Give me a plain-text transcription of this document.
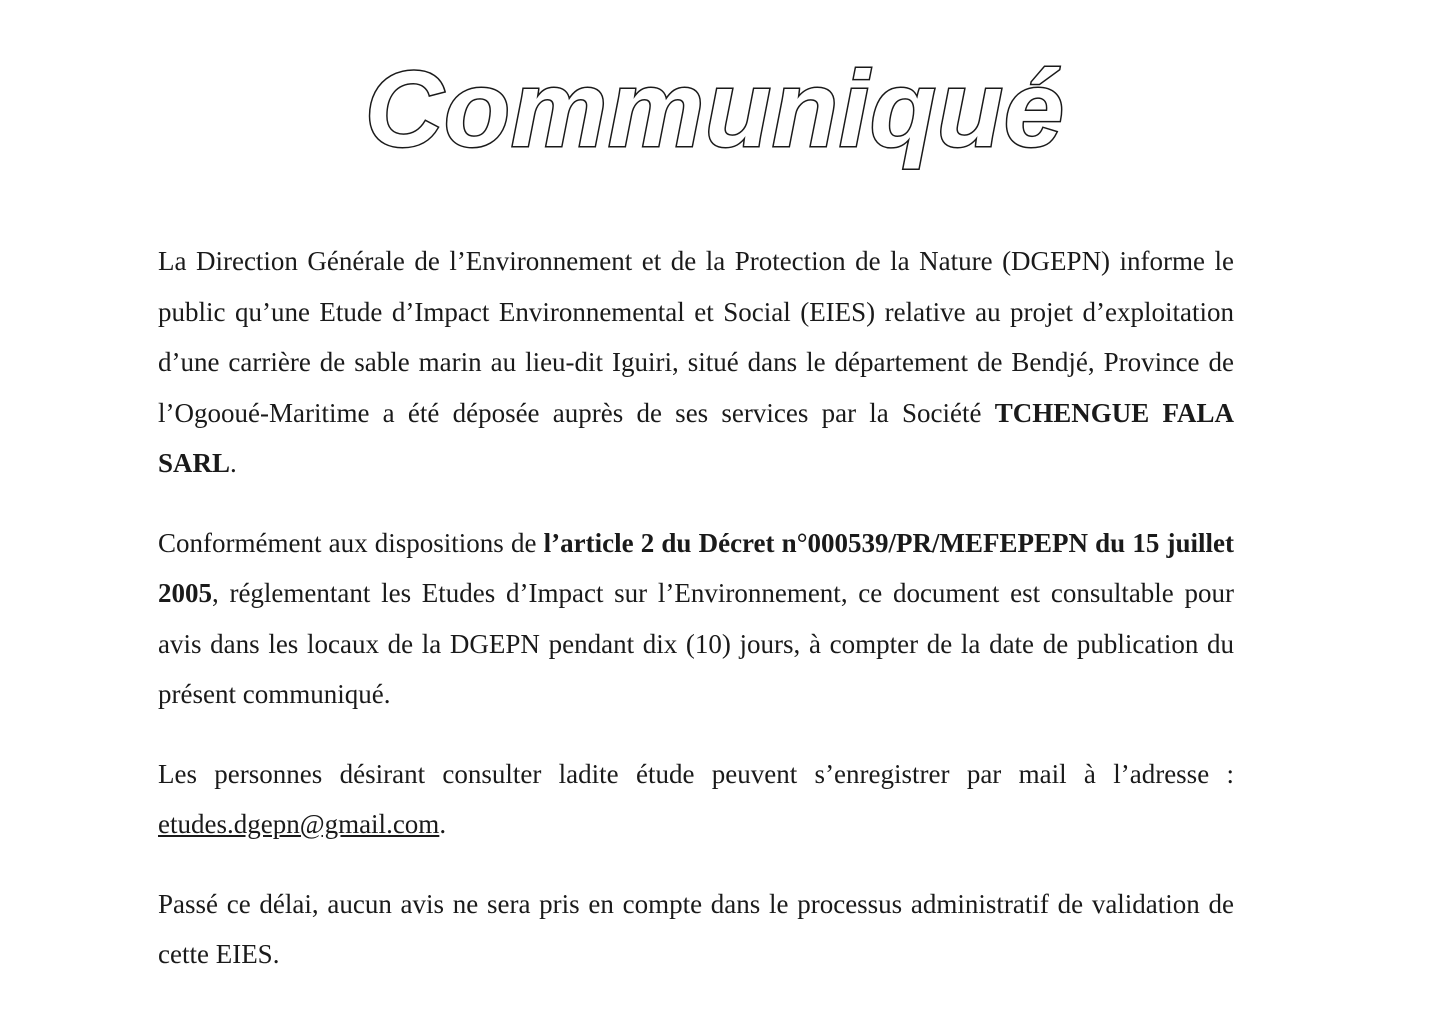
Communiqué

La Direction Générale de l’Environnement et de la Protection de la Nature (DGEPN) informe le public qu’une Etude d’Impact Environnemental et Social (EIES) relative au projet d’exploitation d’une carrière de sable marin au lieu-dit Iguiri, situé dans le département de Bendjé, Province de l’Ogooué-Maritime a été déposée auprès de ses services par la Société TCHENGUE FALA SARL.

Conformément aux dispositions de l’article 2 du Décret n°000539/PR/MEFEPEPN du 15 juillet 2005, réglementant les Etudes d’Impact sur l’Environnement, ce document est consultable pour avis dans les locaux de la DGEPN pendant dix (10) jours, à compter de la date de publication du présent communiqué.

Les personnes désirant consulter ladite étude peuvent s’enregistrer par mail à l’adresse : etudes.dgepn@gmail.com.

Passé ce délai, aucun avis ne sera pris en compte dans le processus administratif de validation de cette EIES.
